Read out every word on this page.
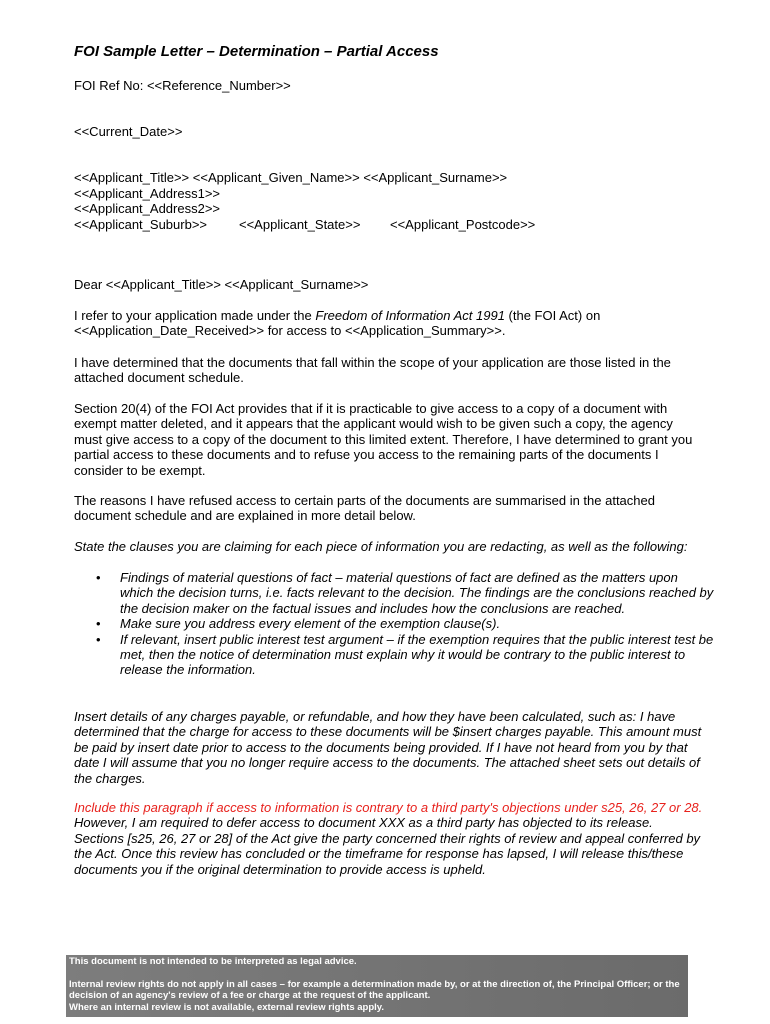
FOI Sample Letter – Determination – Partial Access
FOI Ref No: <<Reference_Number>>
<<Current_Date>>
<<Applicant_Title>> <<Applicant_Given_Name>> <<Applicant_Surname>>
<<Applicant_Address1>>
<<Applicant_Address2>>
<<Applicant_Suburb>> <<Applicant_State>> <<Applicant_Postcode>>
Dear <<Applicant_Title>> <<Applicant_Surname>>
I refer to your application made under the Freedom of Information Act 1991 (the FOI Act) on <<Application_Date_Received>> for access to <<Application_Summary>>.
I have determined that the documents that fall within the scope of your application are those listed in the attached document schedule.
Section 20(4) of the FOI Act provides that if it is practicable to give access to a copy of a document with exempt matter deleted, and it appears that the applicant would wish to be given such a copy, the agency must give access to a copy of the document to this limited extent. Therefore, I have determined to grant you partial access to these documents and to refuse you access to the remaining parts of the documents I consider to be exempt.
The reasons I have refused access to certain parts of the documents are summarised in the attached document schedule and are explained in more detail below.
State the clauses you are claiming for each piece of information you are redacting, as well as the following:
• Findings of material questions of fact – material questions of fact are defined as the matters upon which the decision turns, i.e. facts relevant to the decision. The findings are the conclusions reached by the decision maker on the factual issues and includes how the conclusions are reached.
• Make sure you address every element of the exemption clause(s).
• If relevant, insert public interest test argument – if the exemption requires that the public interest test be met, then the notice of determination must explain why it would be contrary to the public interest to release the information.
Insert details of any charges payable, or refundable, and how they have been calculated, such as: I have determined that the charge for access to these documents will be $insert charges payable. This amount must be paid by insert date prior to access to the documents being provided. If I have not heard from you by that date I will assume that you no longer require access to the documents. The attached sheet sets out details of the charges.
Include this paragraph if access to information is contrary to a third party's objections under s25, 26, 27 or 28. However, I am required to defer access to document XXX as a third party has objected to its release. Sections [s25, 26, 27 or 28] of the Act give the party concerned their rights of review and appeal conferred by the Act. Once this review has concluded or the timeframe for response has lapsed, I will release this/these documents you if the original determination to provide access is upheld.
This document is not intended to be interpreted as legal advice.
Internal review rights do not apply in all cases – for example a determination made by, or at the direction of, the Principal Officer; or the decision of an agency's review of a fee or charge at the request of the applicant.
Where an internal review is not available, external review rights apply.
